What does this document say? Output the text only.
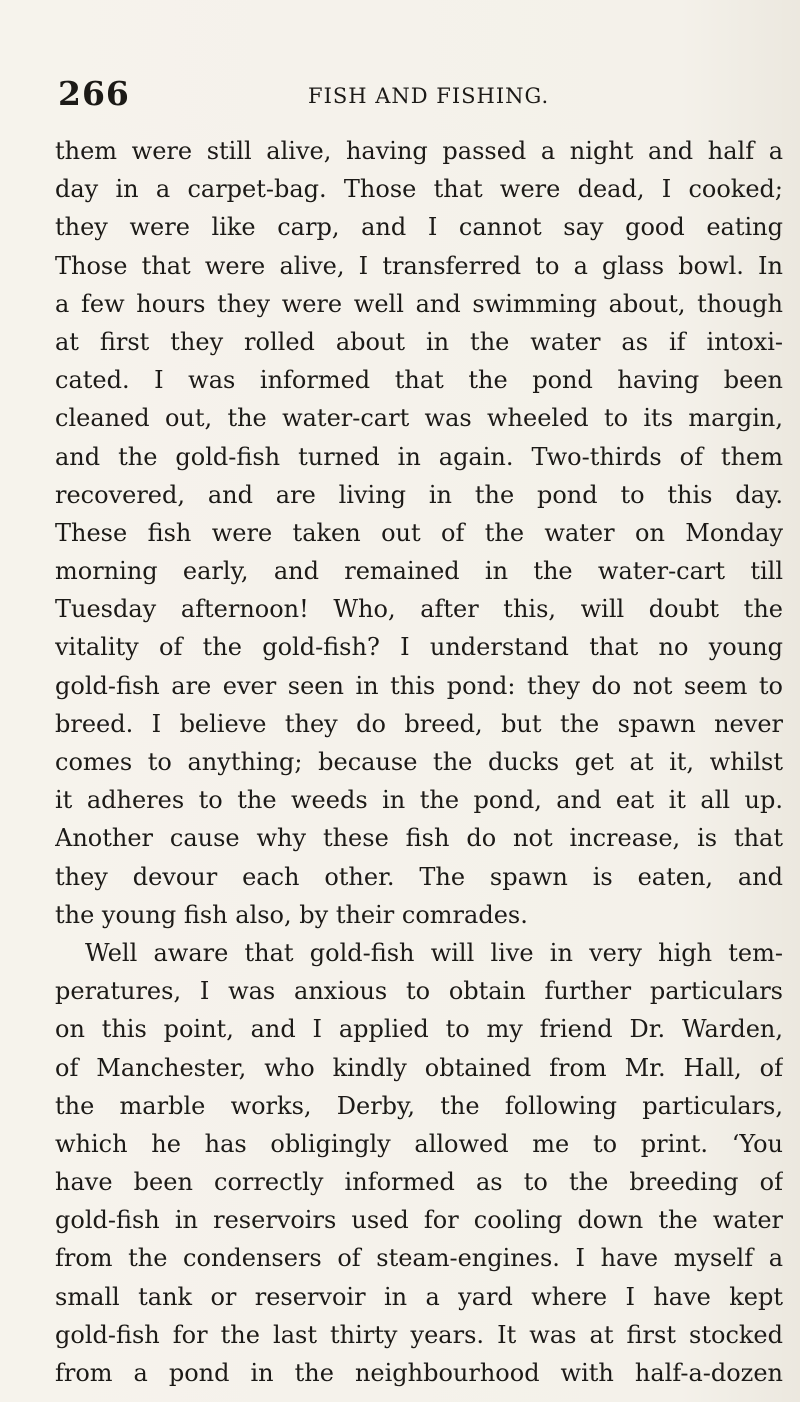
266	FISH AND FISHING.
them were still alive, having passed a night and half a
day in a carpet-bag. Those that were dead, I cooked;
they were like carp, and I cannot say good eating
Those that were alive, I transferred to a glass bowl. In
a few hours they were well and swimming about, though
at first they rolled about in the water as if intoxi-
cated. I was informed that the pond having been
cleaned out, the water-cart was wheeled to its margin,
and the gold-fish turned in again. Two-thirds of them
recovered, and are living in the pond to this day.
These fish were taken out of the water on Monday
morning early, and remained in the water-cart till
Tuesday afternoon! Who, after this, will doubt the
vitality of the gold-fish? I understand that no young
gold-fish are ever seen in this pond: they do not seem to
breed. I believe they do breed, but the spawn never
comes to anything; because the ducks get at it, whilst
it adheres to the weeds in the pond, and eat it all up.
Another cause why these fish do not increase, is that
they devour each other. The spawn is eaten, and
the young fish also, by their comrades.
Well aware that gold-fish will live in very high tem-
peratures, I was anxious to obtain further particulars
on this point, and I applied to my friend Dr. Warden,
of Manchester, who kindly obtained from Mr. Hall, of
the marble works, Derby, the following particulars,
which he has obligingly allowed me to print. ‘You
have been correctly informed as to the breeding of
gold-fish in reservoirs used for cooling down the water
from the condensers of steam-engines. I have myself a
small tank or reservoir in a yard where I have kept
gold-fish for the last thirty years. It was at first stocked
from a pond in the neighbourhood with half-a-dozen
